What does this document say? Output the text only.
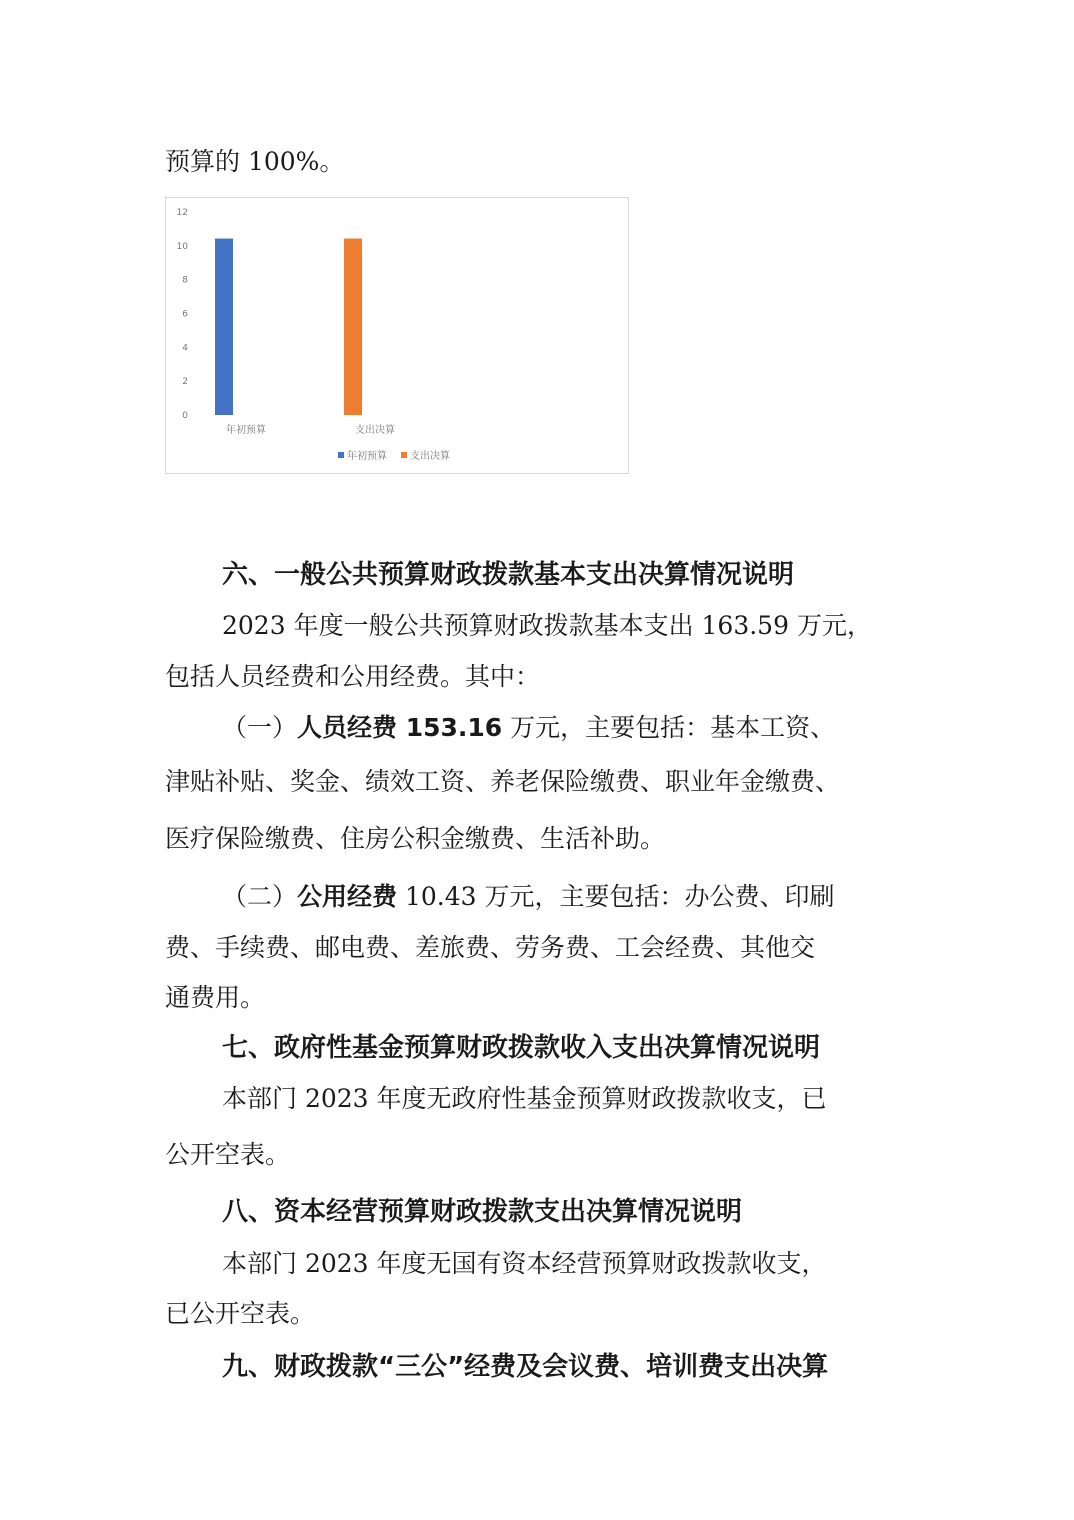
预算的 100%。
0
2
4
6
8
10
12
年初预算	支出决算
年初预算 支出决算
六、一般公共预算财政拨款基本支出决算情况说明
2023 年度一般公共预算财政拨款基本支出 163.59 万元，
包括人员经费和公用经费。其中：
（一）人员经费 153.16 万元，主要包括：基本工资、
津贴补贴、奖金、绩效工资、养老保险缴费、职业年金缴费、
医疗保险缴费、住房公积金缴费、生活补助。
（二）公用经费 10.43 万元，主要包括：办公费、印刷
费、手续费、邮电费、差旅费、劳务费、工会经费、其他交
通费用。
七、政府性基金预算财政拨款收入支出决算情况说明
本部门 2023 年度无政府性基金预算财政拨款收支，已
公开空表。
八、资本经营预算财政拨款支出决算情况说明
本部门 2023 年度无国有资本经营预算财政拨款收支，
已公开空表。
九、财政拨款“三公”经费及会议费、培训费支出决算
